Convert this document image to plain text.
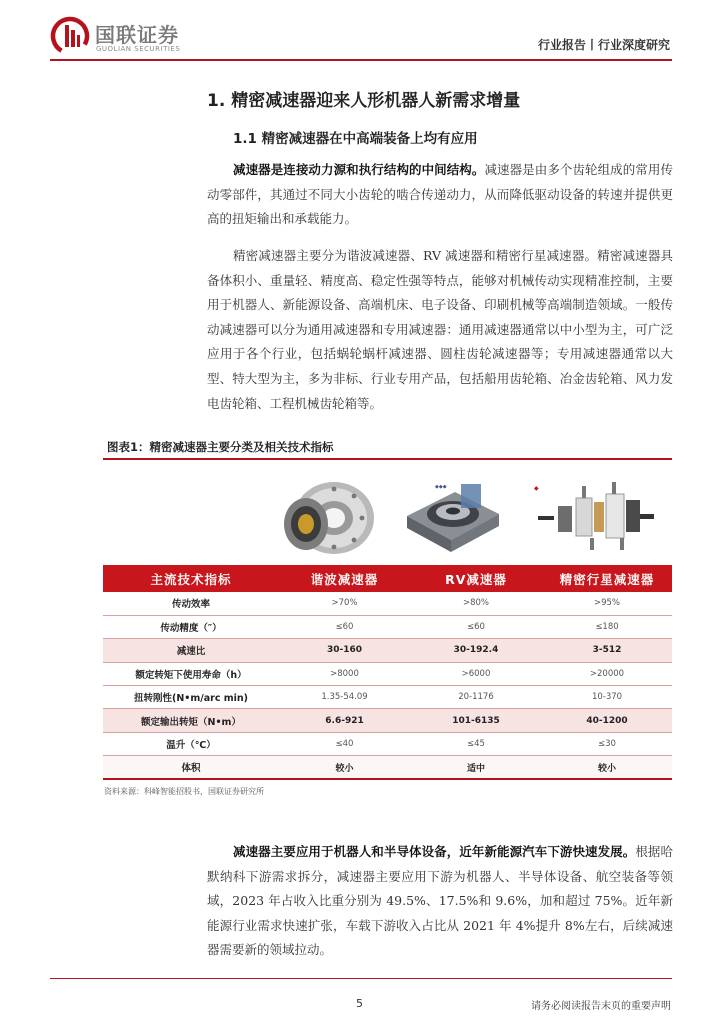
国联证券
GUOLIAN SECURITIES	行业报告丨行业深度研究
1. 精密减速器迎来人形机器人新需求增量
1.1 精密减速器在中高端装备上均有应用

减速器是连接动力源和执行结构的中间结构。减速器是由多个齿轮组成的常用传动零部件，其通过不同大小齿轮的啮合传递动力，从而降低驱动设备的转速并提供更高的扭矩输出和承载能力。

精密减速器主要分为谐波减速器、RV 减速器和精密行星减速器。精密减速器具备体积小、重量轻、精度高、稳定性强等特点，能够对机械传动实现精准控制，主要用于机器人、新能源设备、高端机床、电子设备、印刷机械等高端制造领域。一般传动减速器可以分为通用减速器和专用减速器：通用减速器通常以中小型为主，可广泛应用于各个行业，包括蜗轮蜗杆减速器、圆柱齿轮减速器等；专用减速器通常以大型、特大型为主，多为非标、行业专用产品，包括船用齿轮箱、冶金齿轮箱、风力发电齿轮箱、工程机械齿轮箱等。

图表1：精密减速器主要分类及相关技术指标
◆◆◆	◆
主流技术指标	谐波减速器	RV减速器	精密行星减速器
传动效率	>70%	>80%	>95%
传动精度（″）	≤60	≤60	≤180
减速比	30-160	30-192.4	3-512
额定转矩下使用寿命（h）	>8000	>6000	>20000
扭转刚性(N•m/arc min)	1.35-54.09	20-1176	10-370
额定输出转矩（N•m）	6.6-921	101-6135	40-1200
温升（℃）	≤40	≤45	≤30
体积	较小	适中	较小
资料来源：科峰智能招股书，国联证券研究所

减速器主要应用于机器人和半导体设备，近年新能源汽车下游快速发展。根据哈默纳科下游需求拆分，减速器主要应用下游为机器人、半导体设备、航空装备等领域，2023 年占收入比重分别为 49.5%、17.5%和 9.6%，加和超过 75%。近年新能源行业需求快速扩张，车载下游收入占比从 2021 年 4%提升 8%左右，后续减速器需要新的领域拉动。

5	请务必阅读报告末页的重要声明
